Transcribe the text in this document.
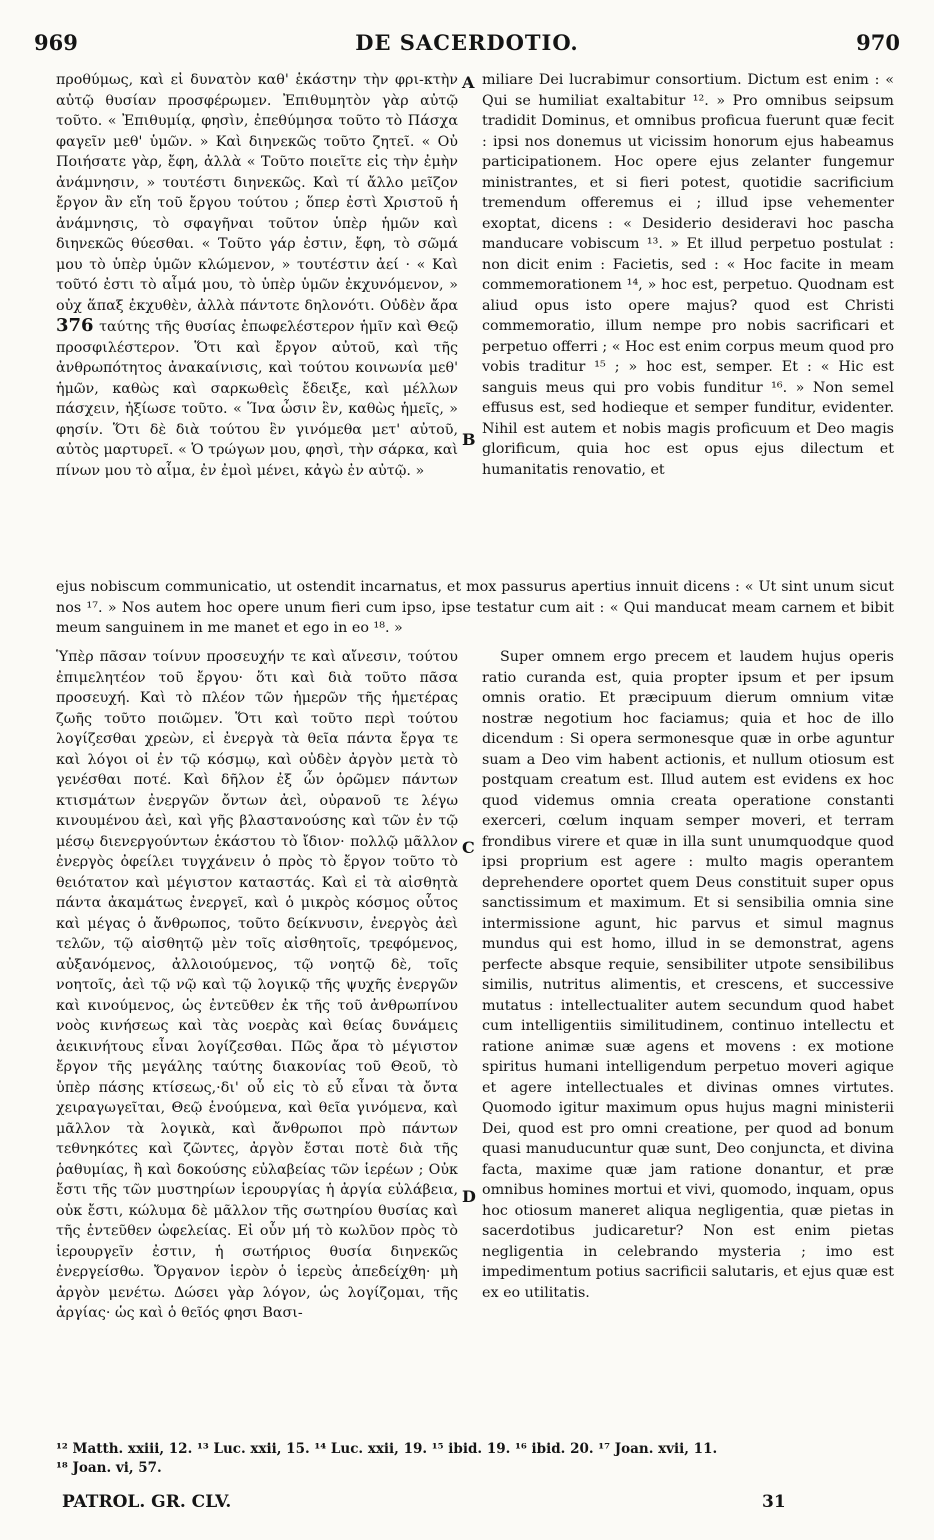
969	DE SACERDOTIO.	970

προθύμως, καὶ εἰ δυνατὸν καθ' ἑκάστην τὴν φρι-κτὴν αὐτῷ θυσίαν προσφέρωμεν. Ἐπιθυμητὸν γὰρ αὐτῷ τοῦτο. « Ἐπιθυμίᾳ, φησὶν, ἐπεθύμησα τοῦτο τὸ Πάσχα φαγεῖν μεθ' ὑμῶν. » Καὶ διηνεκῶς τοῦτο ζητεῖ. « Οὐ Ποιήσατε γὰρ, ἔφη, ἀλλὰ « Τοῦτο ποιεῖτε εἰς τὴν ἐμὴν ἀνάμνησιν, » τουτέστι διηνεκῶς. Καὶ τί ἄλλο μεῖζον ἔργον ἂν εἴη τοῦ ἔργου τούτου ; ὅπερ ἐστὶ Χριστοῦ ἡ ἀνάμνησις, τὸ σφαγῆναι τοῦτον ὑπὲρ ἡμῶν καὶ διηνεκῶς θύεσθαι. « Τοῦτο γάρ ἐστιν, ἔφη, τὸ σῶμά μου τὸ ὑπὲρ ὑμῶν κλώμενον, » τουτέστιν ἀεί · « Καὶ τοῦτό ἐστι τὸ αἷμά μου, τὸ ὑπὲρ ὑμῶν ἐκχυνόμενον, » οὐχ ἅπαξ ἐκχυθὲν, ἀλλὰ πάντοτε δηλονότι. Οὐδὲν ἄρα 376 ταύτης τῆς θυσίας ἐπωφελέστερον ἡμῖν καὶ Θεῷ προσφιλέστερον. Ὅτι καὶ ἔργον αὐτοῦ, καὶ τῆς ἀνθρωπότητος ἀνακαίνισις, καὶ τούτου κοινωνία μεθ' ἡμῶν, καθὼς καὶ σαρκωθεὶς ἔδειξε, καὶ μέλλων πάσχειν, ἠξίωσε τοῦτο. « Ἵνα ὦσιν ἓν, καθὼς ἡμεῖς, » φησίν. Ὅτι δὲ διὰ τούτου ἓν γινόμεθα μετ' αὐτοῦ, αὐτὸς μαρτυρεῖ. « Ὁ τρώγων μου, φησὶ, τὴν σάρκα, καὶ πίνων μου τὸ αἷμα, ἐν ἐμοὶ μένει, κἀγὼ ἐν αὐτῷ. »

miliare Dei lucrabimur consortium. Dictum est enim : « Qui se humiliat exaltabitur ¹². » Pro omnibus seipsum tradidit Dominus, et omnibus proficua fuerunt quæ fecit : ipsi nos donemus ut vicissim honorum ejus habeamus participationem. Hoc opere ejus zelanter fungemur ministrantes, et si fieri potest, quotidie sacrificium tremendum offeremus ei ; illud ipse vehementer exoptat, dicens : « Desiderio desideravi hoc pascha manducare vobiscum ¹³. » Et illud perpetuo postulat : non dicit enim : Facietis, sed : « Hoc facite in meam commemorationem ¹⁴, » hoc est, perpetuo. Quodnam est aliud opus isto opere majus? quod est Christi commemoratio, illum nempe pro nobis sacrificari et perpetuo offerri ; « Hoc est enim corpus meum quod pro vobis traditur ¹⁵ ; » hoc est, semper. Et : « Hic est sanguis meus qui pro vobis funditur ¹⁶. » Non semel effusus est, sed hodieque et semper funditur, evidenter. Nihil est autem et nobis magis proficuum et Deo magis glorificum, quia hoc est opus ejus dilectum et humanitatis renovatio, et

A
B
C
D
ejus nobiscum communicatio, ut ostendit incarnatus, et mox passurus apertius innuit dicens : « Ut sint unum sicut nos ¹⁷. » Nos autem hoc opere unum fieri cum ipso, ipse testatur cum ait : « Qui manducat meam carnem et bibit meum sanguinem in me manet et ego in eo ¹⁸. »

Ὑπὲρ πᾶσαν τοίνυν προσευχήν τε καὶ αἴνεσιν, τούτου ἐπιμελητέον τοῦ ἔργου· ὅτι καὶ διὰ τοῦτο πᾶσα προσευχή. Καὶ τὸ πλέον τῶν ἡμερῶν τῆς ἡμετέρας ζωῆς τοῦτο ποιῶμεν. Ὅτι καὶ τοῦτο περὶ τούτου λογίζεσθαι χρεὼν, εἰ ἐνεργὰ τὰ θεῖα πάντα ἔργα τε καὶ λόγοι οἱ ἐν τῷ κόσμῳ, καὶ οὐδὲν ἀργὸν μετὰ τὸ γενέσθαι ποτέ. Καὶ δῆλον ἐξ ὧν ὁρῶμεν πάντων κτισμάτων ἐνεργῶν ὄντων ἀεὶ, οὐρανοῦ τε λέγω κινουμένου ἀεὶ, καὶ γῆς βλαστανούσης καὶ τῶν ἐν τῷ μέσῳ διενεργούντων ἑκάστου τὸ ἴδιον· πολλῷ μᾶλλον ἐνεργὸς ὀφείλει τυγχάνειν ὁ πρὸς τὸ ἔργον τοῦτο τὸ θειότατον καὶ μέγιστον καταστάς. Καὶ εἰ τὰ αἰσθητὰ πάντα ἀκαμάτως ἐνεργεῖ, καὶ ὁ μικρὸς κόσμος οὗτος καὶ μέγας ὁ ἄνθρωπος, τοῦτο δείκνυσιν, ἐνεργὸς ἀεὶ τελῶν, τῷ αἰσθητῷ μὲν τοῖς αἰσθητοῖς, τρεφόμενος, αὐξανόμενος, ἀλλοιούμενος, τῷ νοητῷ δὲ, τοῖς νοητοῖς, ἀεὶ τῷ νῷ καὶ τῷ λογικῷ τῆς ψυχῆς ἐνεργῶν καὶ κινούμενος, ὡς ἐντεῦθεν ἐκ τῆς τοῦ ἀνθρωπίνου νοὸς κινήσεως καὶ τὰς νοερὰς καὶ θείας δυνάμεις ἀεικινήτους εἶναι λογίζεσθαι. Πῶς ἄρα τὸ μέγιστον ἔργον τῆς μεγάλης ταύτης διακονίας τοῦ Θεοῦ, τὸ ὑπὲρ πάσης κτίσεως,·δι' οὗ εἰς τὸ εὖ εἶναι τὰ ὄντα χειραγωγεῖται, Θεῷ ἑνούμενα, καὶ θεῖα γινόμενα, καὶ μᾶλλον τὰ λογικὰ, καὶ ἄνθρωποι πρὸ πάντων τεθνηκότες καὶ ζῶντες, ἀργὸν ἔσται ποτὲ διὰ τῆς ῥαθυμίας, ἢ καὶ δοκούσης εὐλαβείας τῶν ἱερέων ; Οὐκ ἔστι τῆς τῶν μυστηρίων ἱερουργίας ἡ ἀργία εὐλάβεια, οὐκ ἔστι, κώλυμα δὲ μᾶλλον τῆς σωτηρίου θυσίας καὶ τῆς ἐντεῦθεν ὠφελείας. Εἰ οὖν μή τὸ κωλῦον πρὸς τὸ ἱερουργεῖν ἐστιν, ἡ σωτήριος θυσία διηνεκῶς ἐνεργείσθω. Ὄργανον ἱερὸν ὁ ἱερεὺς ἀπεδείχθη· μὴ ἀργὸν μενέτω. Δώσει γὰρ λόγον, ὡς λογίζομαι, τῆς ἀργίας· ὡς καὶ ὁ θεῖός φησι Βασι-

Super omnem ergo precem et laudem hujus operis ratio curanda est, quia propter ipsum et per ipsum omnis oratio. Et præcipuum dierum omnium vitæ nostræ negotium hoc faciamus; quia et hoc de illo dicendum : Si opera sermonesque quæ in orbe aguntur suam a Deo vim habent actionis, et nullum otiosum est postquam creatum est. Illud autem est evidens ex hoc quod videmus omnia creata operatione constanti exerceri, cœlum inquam semper moveri, et terram frondibus virere et quæ in illa sunt unumquodque quod ipsi proprium est agere : multo magis operantem deprehendere oportet quem Deus constituit super opus sanctissimum et maximum. Et si sensibilia omnia sine intermissione agunt, hic parvus et simul magnus mundus qui est homo, illud in se demonstrat, agens perfecte absque requie, sensibiliter utpote sensibilibus similis, nutritus alimentis, et crescens, et successive mutatus : intellectualiter autem secundum quod habet cum intelligentiis similitudinem, continuo intellectu et ratione animæ suæ agens et movens : ex motione spiritus humani intelligendum perpetuo moveri agique et agere intellectuales et divinas omnes virtutes. Quomodo igitur maximum opus hujus magni ministerii Dei, quod est pro omni creatione, per quod ad bonum quasi manuducuntur quæ sunt, Deo conjuncta, et divina facta, maxime quæ jam ratione donantur, et præ omnibus homines mortui et vivi, quomodo, inquam, opus hoc otiosum maneret aliqua negligentia, quæ pietas in sacerdotibus judicaretur? Non est enim pietas negligentia in celebrando mysteria ; imo est impedimentum potius sacrificii salutaris, et ejus quæ est ex eo utilitatis.

¹² Matth. xxiii, 12. ¹³ Luc. xxii, 15. ¹⁴ Luc. xxii, 19. ¹⁵ ibid. 19. ¹⁶ ibid. 20. ¹⁷ Joan. xvii, 11.
¹⁸ Joan. vi, 57.
PATROL. GR. CLV.	31
